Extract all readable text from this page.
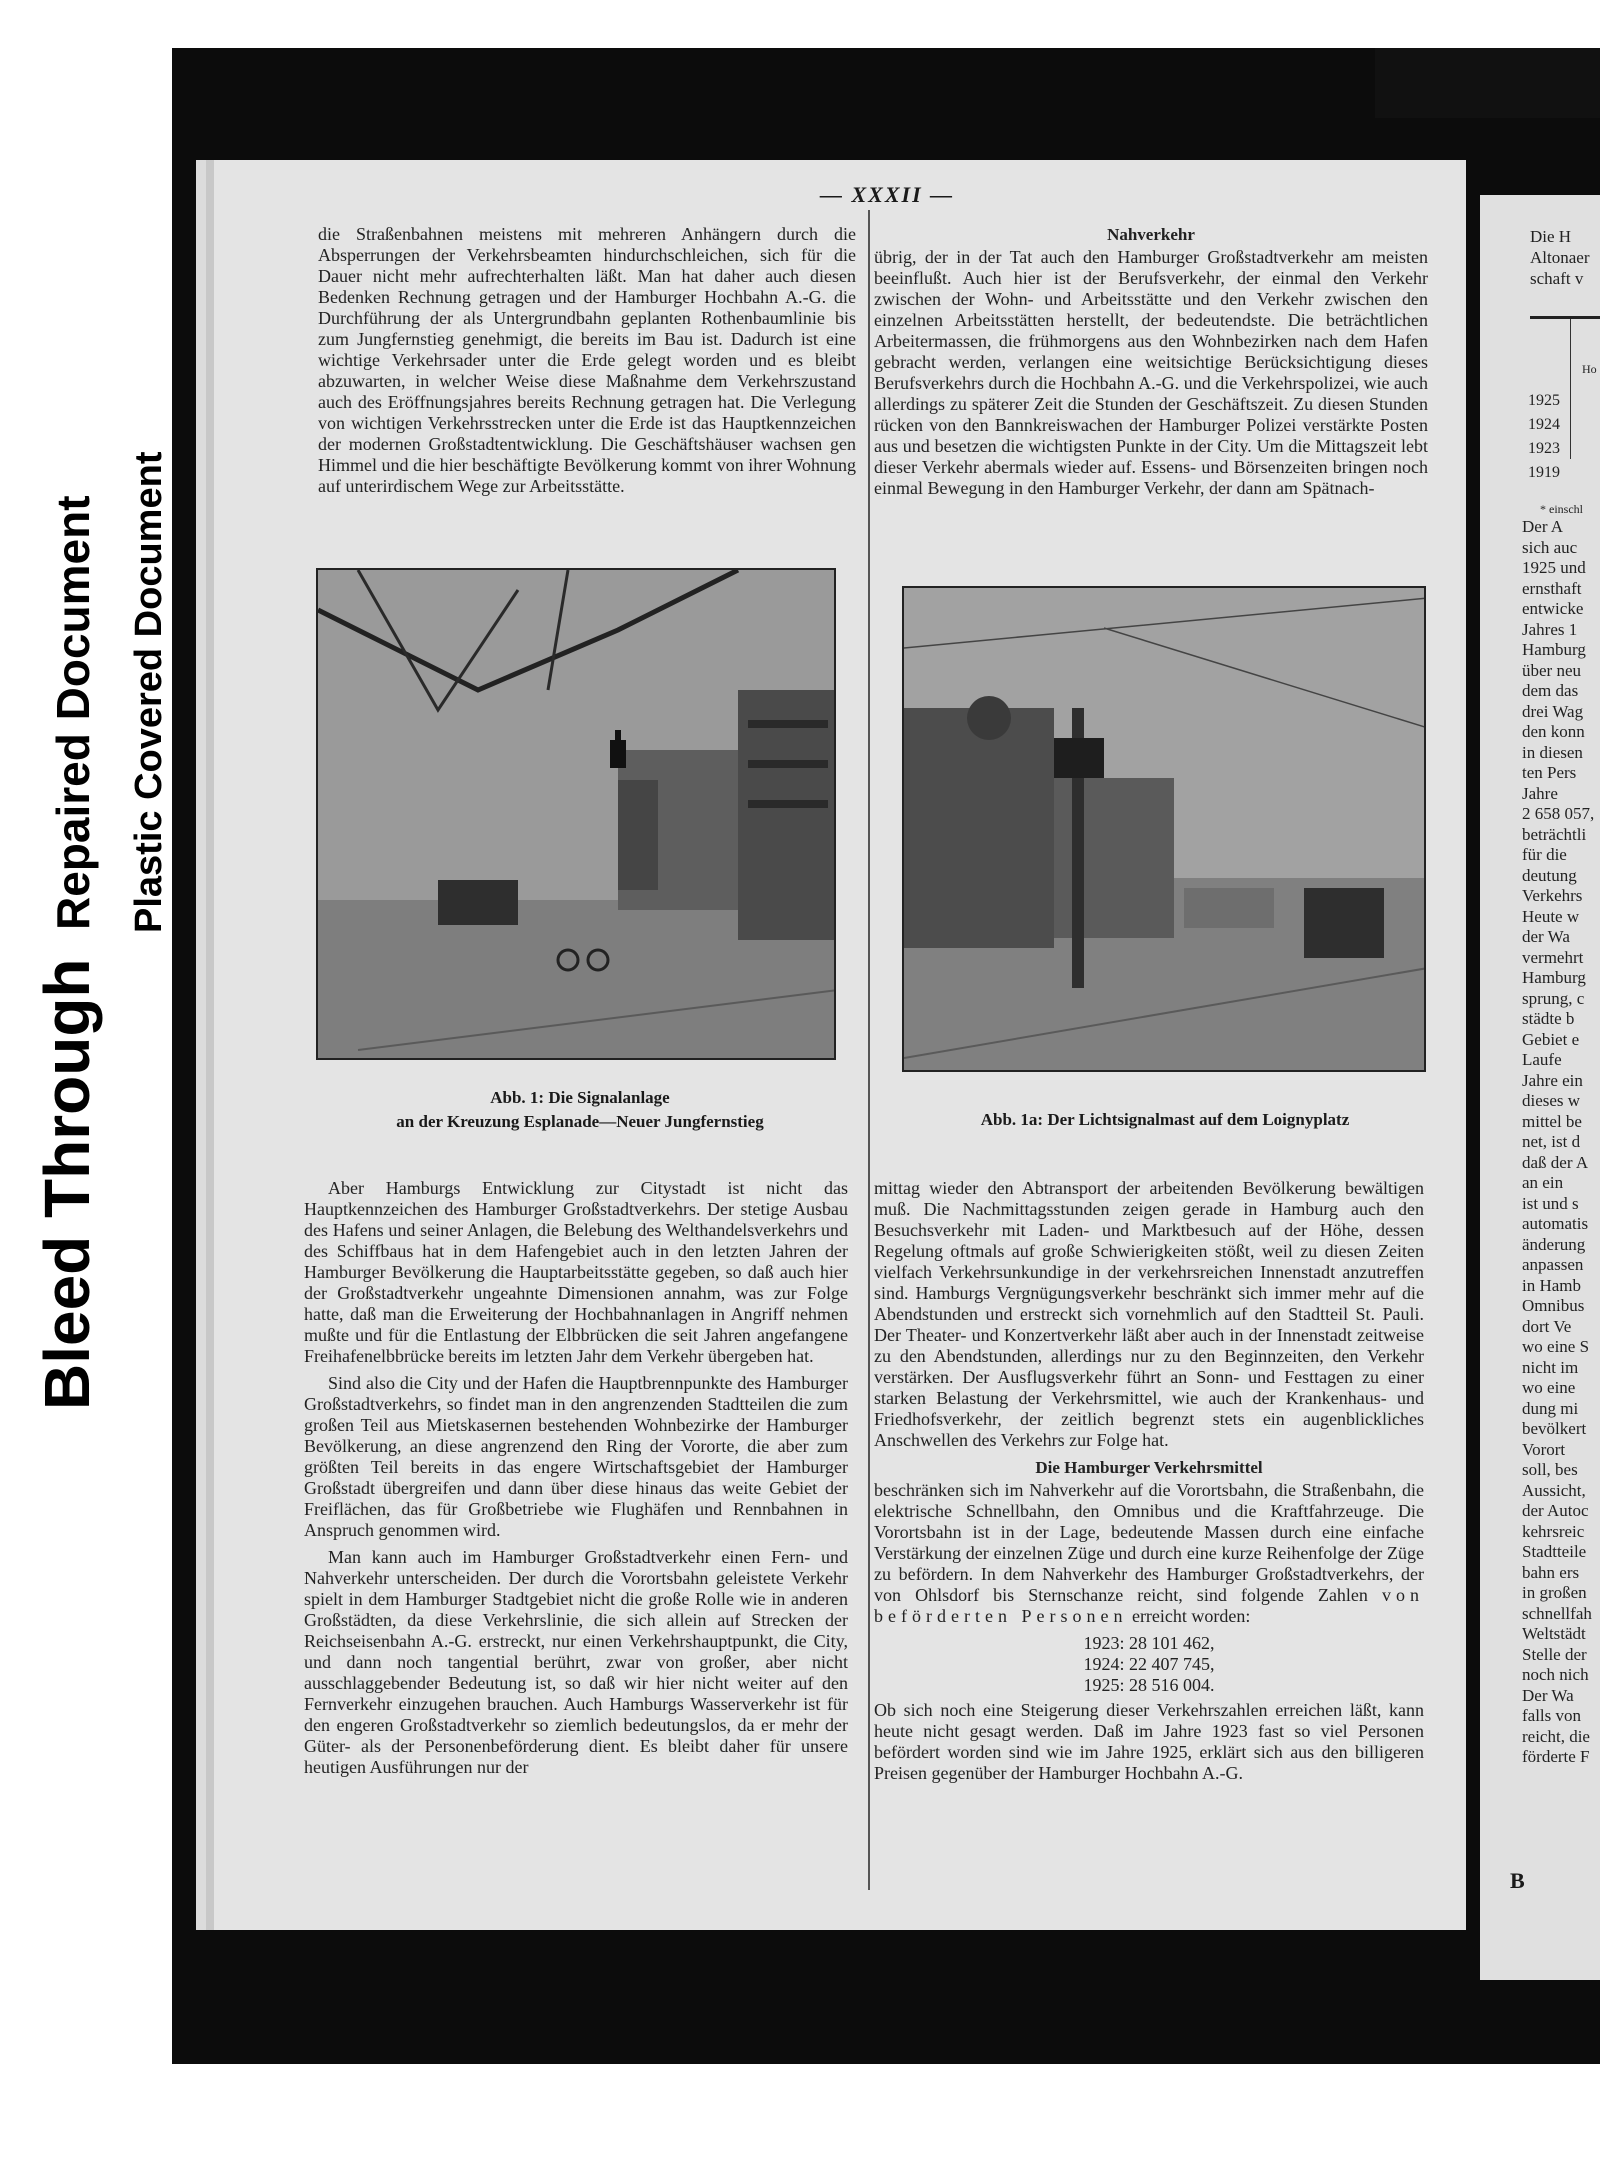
Bleed Through
Repaired Document Plastic Covered Document
— XXXII —

die Straßenbahnen meistens mit mehreren Anhängern durch die Absperrungen der Verkehrsbeamten hindurchschleichen, sich für die Dauer nicht mehr aufrechterhalten läßt. Man hat daher auch diesen Bedenken Rechnung getragen und der Hamburger Hochbahn A.-G. die Durchführung der als Untergrundbahn geplanten Rothenbaumlinie bis zum Jungfernstieg genehmigt, die bereits im Bau ist. Dadurch ist eine wichtige Verkehrsader unter die Erde gelegt worden und es bleibt abzuwarten, in welcher Weise diese Maßnahme dem Verkehrszustand auch des Eröffnungsjahres bereits Rechnung getragen hat. Die Verlegung von wichtigen Verkehrsstrecken unter die Erde ist das Hauptkennzeichen der modernen Großstadtentwicklung. Die Geschäftshäuser wachsen gen Himmel und die hier beschäftigte Bevölkerung kommt von ihrer Wohnung auf unterirdischem Wege zur Arbeitsstätte.

Abb. 1: Die Signalanlage
an der Kreuzung Esplanade—Neuer Jungfernstieg

Aber Hamburgs Entwicklung zur Citystadt ist nicht das Hauptkennzeichen des Hamburger Großstadtverkehrs. Der stetige Ausbau des Hafens und seiner Anlagen, die Belebung des Welthandelsverkehrs und des Schiffbaus hat in dem Hafengebiet auch in den letzten Jahren der Hamburger Bevölkerung die Hauptarbeitsstätte gegeben, so daß auch hier der Großstadtverkehr ungeahnte Dimensionen annahm, was zur Folge hatte, daß man die Erweiterung der Hochbahnanlagen in Angriff nehmen mußte und für die Entlastung der Elbbrücken die seit Jahren angefangene Freihafenelbbrücke bereits im letzten Jahr dem Verkehr übergeben hat.

Sind also die City und der Hafen die Hauptbrennpunkte des Hamburger Großstadtverkehrs, so findet man in den angrenzenden Stadtteilen die zum großen Teil aus Mietskasernen bestehenden Wohnbezirke der Hamburger Bevölkerung, an diese angrenzend den Ring der Vororte, die aber zum größten Teil bereits in das engere Wirtschaftsgebiet der Hamburger Großstadt übergreifen und dann über diese hinaus das weite Gebiet der Freiflächen, das für Großbetriebe wie Flughäfen und Rennbahnen in Anspruch genommen wird.

Man kann auch im Hamburger Großstadtverkehr einen Fern- und Nahverkehr unterscheiden. Der durch die Vorortsbahn geleistete Verkehr spielt in dem Hamburger Stadtgebiet nicht die große Rolle wie in anderen Großstädten, da diese Verkehrslinie, die sich allein auf Strecken der Reichseisenbahn A.-G. erstreckt, nur einen Verkehrshauptpunkt, die City, und dann noch tangential berührt, zwar von großer, aber nicht ausschlaggebender Bedeutung ist, so daß wir hier nicht weiter auf den Fernverkehr einzugehen brauchen. Auch Hamburgs Wasserverkehr ist für den engeren Großstadtverkehr so ziemlich bedeutungslos, da er mehr der Güter- als der Personenbeförderung dient. Es bleibt daher für unsere heutigen Ausführungen nur der

Nahverkehr

übrig, der in der Tat auch den Hamburger Großstadtverkehr am meisten beeinflußt. Auch hier ist der Berufsverkehr, der einmal den Verkehr zwischen der Wohn- und Arbeitsstätte und den Verkehr zwischen den einzelnen Arbeitsstätten herstellt, der bedeutendste. Die beträchtlichen Arbeitermassen, die frühmorgens aus den Wohnbezirken nach dem Hafen gebracht werden, verlangen eine weitsichtige Berücksichtigung dieses Berufsverkehrs durch die Hochbahn A.-G. und die Verkehrspolizei, wie auch allerdings zu späterer Zeit die Stunden der Geschäftszeit. Zu diesen Stunden rücken von den Bannkreiswachen der Hamburger Polizei verstärkte Posten aus und besetzen die wichtigsten Punkte in der City. Um die Mittagszeit lebt dieser Verkehr abermals wieder auf. Essens- und Börsenzeiten bringen noch einmal Bewegung in den Hamburger Verkehr, der dann am Spätnach-

Abb. 1a: Der Lichtsignalmast auf dem Loignyplatz

mittag wieder den Abtransport der arbeitenden Bevölkerung bewältigen muß. Die Nachmittagsstunden zeigen gerade in Hamburg auch den Besuchsverkehr mit Laden- und Marktbesuch auf der Höhe, dessen Regelung oftmals auf große Schwierigkeiten stößt, weil zu diesen Zeiten vielfach Verkehrsunkundige in der verkehrsreichen Innenstadt anzutreffen sind. Hamburgs Vergnügungsverkehr beschränkt sich immer mehr auf die Abendstunden und erstreckt sich vornehmlich auf den Stadtteil St. Pauli. Der Theater- und Konzertverkehr läßt aber auch in der Innenstadt zeitweise zu den Abendstunden, allerdings nur zu den Beginnzeiten, den Verkehr verstärken. Der Ausflugsverkehr führt an Sonn- und Festtagen zu einer starken Belastung der Verkehrsmittel, wie auch der Krankenhaus- und Friedhofsverkehr, der zeitlich begrenzt stets ein augenblickliches Anschwellen des Verkehrs zur Folge hat.

Die Hamburger Verkehrsmittel

beschränken sich im Nahverkehr auf die Vorortsbahn, die Straßenbahn, die elektrische Schnellbahn, den Omnibus und die Kraftfahrzeuge. Die Vorortsbahn ist in der Lage, bedeutende Massen durch eine einfache Verstärkung der einzelnen Züge und durch eine kurze Reihenfolge der Züge zu befördern. In dem Nahverkehr des Hamburger Großstadtverkehrs, der von Ohlsdorf bis Sternschanze reicht, sind folgende Zahlen von beförderten Personen erreicht worden:

1923: 28 101 462,
1924: 22 407 745,
1925: 28 516 004.

Ob sich noch eine Steigerung dieser Verkehrszahlen erreichen läßt, kann heute nicht gesagt werden. Daß im Jahre 1923 fast so viel Personen befördert worden sind wie im Jahre 1925, erklärt sich aus den billigeren Preisen gegenüber der Hamburger Hochbahn A.-G.

Die H
Altonaer
schaft v
Ho
1925
1924
1923
1919
* einschl
Der A
sich auc
1925 und
ernsthaft
entwicke
Jahres 1
Hamburg
über neu
dem das
drei Wag
den konn
in diesen
ten Pers
Jahre
2 658 057,
beträchtli
für die
deutung
Verkehrs
Heute w
der Wa
vermehrt
Hamburg
sprung, c
städte b
Gebiet e
Laufe
Jahre ein
dieses w
mittel be
net, ist d
daß der A
an ein
ist und s
automatis
änderung
anpassen
in Hamb
Omnibus
dort Ve
wo eine S
nicht im
wo eine
dung mi
bevölkert
Vorort
soll, bes
Aussicht,
der Autoc
kehrsreic
Stadtteile
bahn ers
in großen
schnellfah
Weltstädt
Stelle der
noch nich
Der Wa
falls von
reicht, die
förderte F
B
